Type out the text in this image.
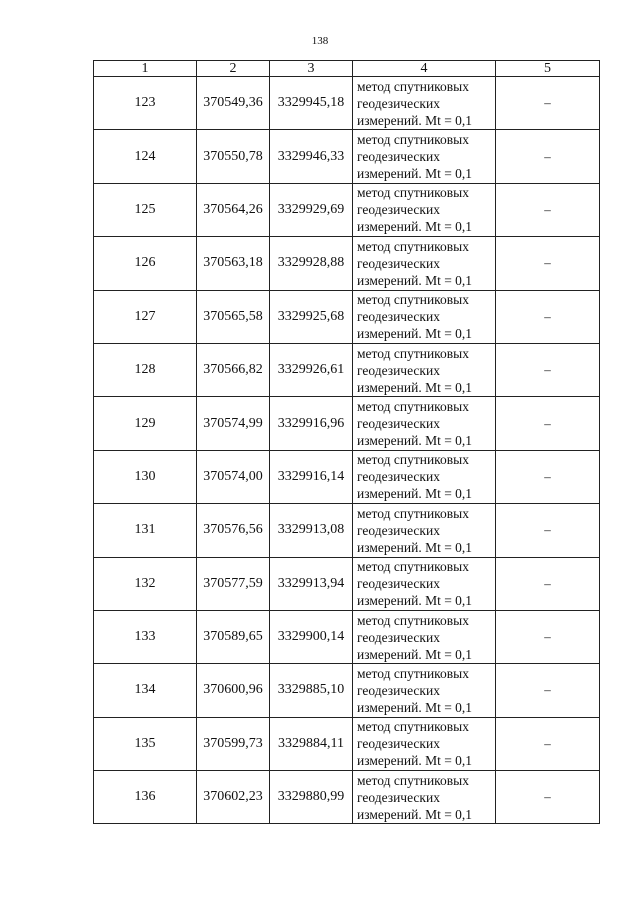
138
1	2	3	4	5
123	370549,36	3329945,18	метод спутниковых
геодезических
измерений. Mt = 0,1	–
124	370550,78	3329946,33	метод спутниковых
геодезических
измерений. Mt = 0,1	–
125	370564,26	3329929,69	метод спутниковых
геодезических
измерений. Mt = 0,1	–
126	370563,18	3329928,88	метод спутниковых
геодезических
измерений. Mt = 0,1	–
127	370565,58	3329925,68	метод спутниковых
геодезических
измерений. Mt = 0,1	–
128	370566,82	3329926,61	метод спутниковых
геодезических
измерений. Mt = 0,1	–
129	370574,99	3329916,96	метод спутниковых
геодезических
измерений. Mt = 0,1	–
130	370574,00	3329916,14	метод спутниковых
геодезических
измерений. Mt = 0,1	–
131	370576,56	3329913,08	метод спутниковых
геодезических
измерений. Mt = 0,1	–
132	370577,59	3329913,94	метод спутниковых
геодезических
измерений. Mt = 0,1	–
133	370589,65	3329900,14	метод спутниковых
геодезических
измерений. Mt = 0,1	–
134	370600,96	3329885,10	метод спутниковых
геодезических
измерений. Mt = 0,1	–
135	370599,73	3329884,11	метод спутниковых
геодезических
измерений. Mt = 0,1	–
136	370602,23	3329880,99	метод спутниковых
геодезических
измерений. Mt = 0,1	–
